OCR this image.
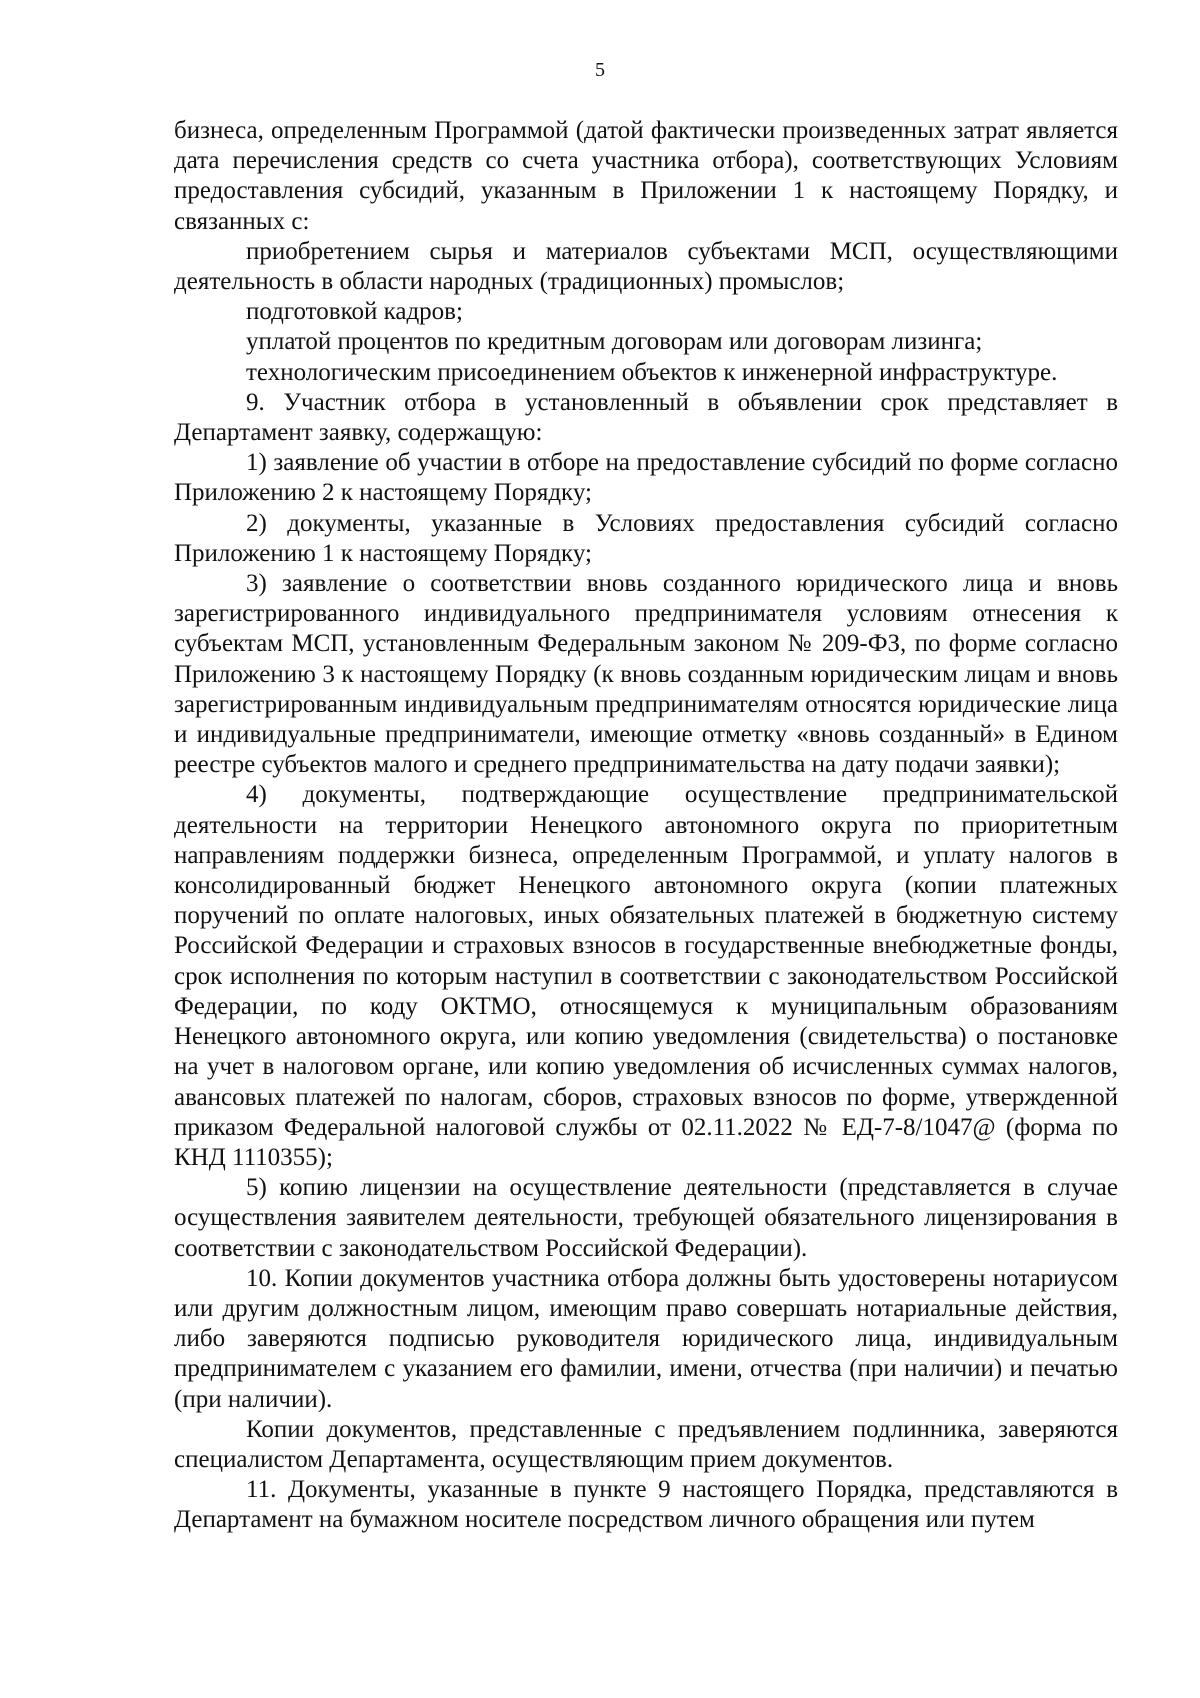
5

бизнеса, определенным Программой (датой фактически произведенных затрат является дата перечисления средств со счета участника отбора), соответствующих Условиям предоставления субсидий, указанным в Приложении 1 к настоящему Порядку, и связанных с:

приобретением сырья и материалов субъектами МСП, осуществляющими деятельность в области народных (традиционных) промыслов;

подготовкой кадров;

уплатой процентов по кредитным договорам или договорам лизинга;

технологическим присоединением объектов к инженерной инфраструктуре.

9. Участник отбора в установленный в объявлении срок представляет в Департамент заявку, содержащую:

1) заявление об участии в отборе на предоставление субсидий по форме согласно Приложению 2 к настоящему Порядку;

2) документы, указанные в Условиях предоставления субсидий согласно Приложению 1 к настоящему Порядку;

3) заявление о соответствии вновь созданного юридического лица и вновь зарегистрированного индивидуального предпринимателя условиям отнесения к субъектам МСП, установленным Федеральным законом № 209-ФЗ, по форме согласно Приложению 3 к настоящему Порядку (к вновь созданным юридическим лицам и вновь зарегистрированным индивидуальным предпринимателям относятся юридические лица и индивидуальные предприниматели, имеющие отметку «вновь созданный» в Едином реестре субъектов малого и среднего предпринимательства на дату подачи заявки);

4) документы, подтверждающие осуществление предпринимательской деятельности на территории Ненецкого автономного округа по приоритетным направлениям поддержки бизнеса, определенным Программой, и уплату налогов в консолидированный бюджет Ненецкого автономного округа (копии платежных поручений по оплате налоговых, иных обязательных платежей в бюджетную систему Российской Федерации и страховых взносов в государственные внебюджетные фонды, срок исполнения по которым наступил в соответствии с законодательством Российской Федерации, по коду ОКТМО, относящемуся к муниципальным образованиям Ненецкого автономного округа, или копию уведомления (свидетельства) о постановке на учет в налоговом органе, или копию уведомления об исчисленных суммах налогов, авансовых платежей по налогам, сборов, страховых взносов по форме, утвержденной приказом Федеральной налоговой службы от 02.11.2022 № ЕД-7-8/1047@ (форма по КНД 1110355);

5) копию лицензии на осуществление деятельности (представляется в случае осуществления заявителем деятельности, требующей обязательного лицензирования в соответствии с законодательством Российской Федерации).

10. Копии документов участника отбора должны быть удостоверены нотариусом или другим должностным лицом, имеющим право совершать нотариальные действия, либо заверяются подписью руководителя юридического лица, индивидуальным предпринимателем с указанием его фамилии, имени, отчества (при наличии) и печатью (при наличии).

Копии документов, представленные с предъявлением подлинника, заверяются специалистом Департамента, осуществляющим прием документов.

11. Документы, указанные в пункте 9 настоящего Порядка, представляются в Департамент на бумажном носителе посредством личного обращения или путем
